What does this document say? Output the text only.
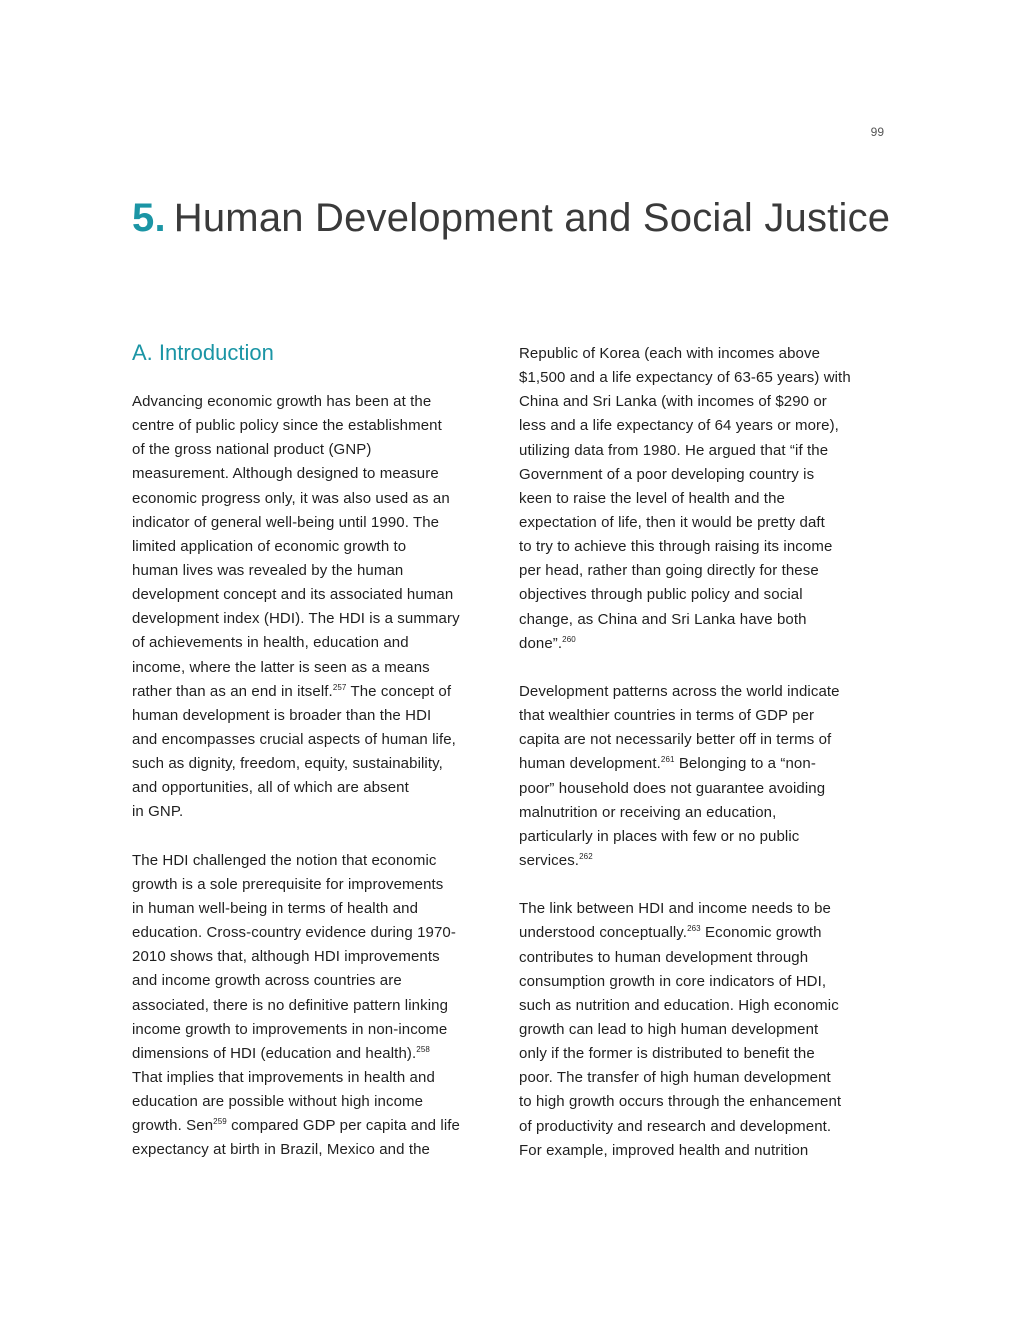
99
5. Human Development and Social Justice
A. Introduction
Advancing economic growth has been at the
centre of public policy since the establishment
of the gross national product (GNP)
measurement. Although designed to measure
economic progress only, it was also used as an
indicator of general well-being until 1990. The
limited application of economic growth to
human lives was revealed by the human
development concept and its associated human
development index (HDI). The HDI is a summary
of achievements in health, education and
income, where the latter is seen as a means
rather than as an end in itself.$^{257}$ The concept of
human development is broader than the HDI
and encompasses crucial aspects of human life,
such as dignity, freedom, equity, sustainability,
and opportunities, all of which are absent
in GNP.
The HDI challenged the notion that economic
growth is a sole prerequisite for improvements
in human well-being in terms of health and
education. Cross-country evidence during 1970-
2010 shows that, although HDI improvements
and income growth across countries are
associated, there is no definitive pattern linking
income growth to improvements in non-income
dimensions of HDI (education and health).$^{258}$
That implies that improvements in health and
education are possible without high income
growth. Sen$^{259}$ compared GDP per capita and life
expectancy at birth in Brazil, Mexico and the
Republic of Korea (each with incomes above
$1,500 and a life expectancy of 63-65 years) with
China and Sri Lanka (with incomes of $290 or
less and a life expectancy of 64 years or more),
utilizing data from 1980. He argued that “if the
Government of a poor developing country is
keen to raise the level of health and the
expectation of life, then it would be pretty daft
to try to achieve this through raising its income
per head, rather than going directly for these
objectives through public policy and social
change, as China and Sri Lanka have both
done”.$^{260}$
Development patterns across the world indicate
that wealthier countries in terms of GDP per
capita are not necessarily better off in terms of
human development.$^{261}$ Belonging to a “non-
poor” household does not guarantee avoiding
malnutrition or receiving an education,
particularly in places with few or no public
services.$^{262}$
The link between HDI and income needs to be
understood conceptually.$^{263}$ Economic growth
contributes to human development through
consumption growth in core indicators of HDI,
such as nutrition and education. High economic
growth can lead to high human development
only if the former is distributed to benefit the
poor. The transfer of high human development
to high growth occurs through the enhancement
of productivity and research and development.
For example, improved health and nutrition
